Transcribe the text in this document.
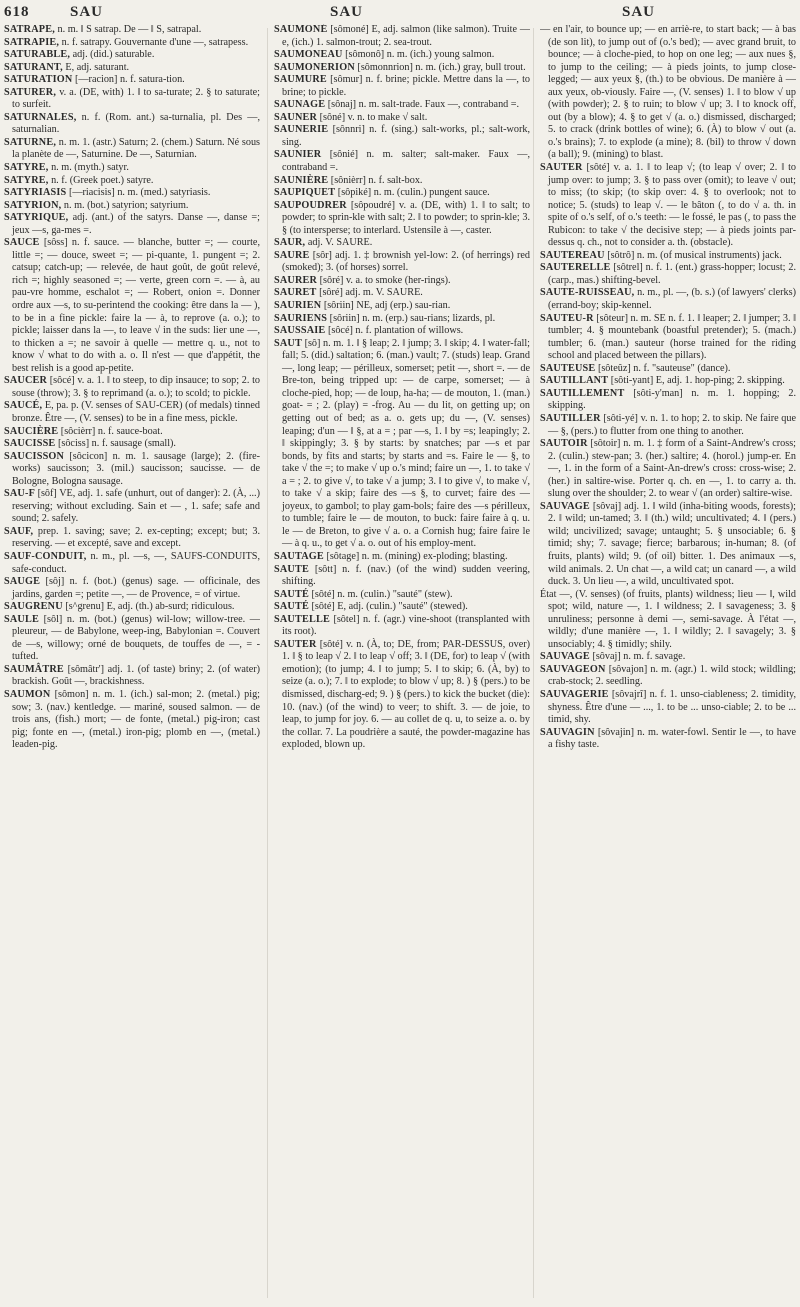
618	SAU	SAU	SAU
SATRAPE, n. m. ‖ S satrap. De — ‖ S, satrapal.
SATRAPIE, n. f. satrapy. Gouvernante d'une —, satrapess.
SATURABLE, adj. (did.) saturable.
SATURANT, E, adj. saturant.
SATURATION [—racion] n. f. satura-tion.
SATURER, v. a. (DE, with) 1. ‖ to sa-turate; 2. § to saturate; to surfeit.
SATURNALES, n. f. (Rom. ant.) sa-turnalia, pl. Des —, saturnalian.
SATURNE, n. m. 1. (astr.) Saturn; 2. (chem.) Saturn. Né sous la planète de —, Saturnine. De —, Saturnian.
SATYRE, n. m. (myth.) satyr.
SATYRE, n. f. (Greek poet.) satyre.
SATYRIASIS [—riacisis] n. m. (med.) satyriasis.
SATYRION, n. m. (bot.) satyrion; satyrium.
SATYRIQUE, adj. (ant.) of the satyrs. Danse —, danse =; jeux —s, ga-mes =.
SAUCE [sôss] n. f. sauce. — blanche, butter =; — courte, little =; — douce, sweet =; — pi-quante, 1. pungent =; 2. catsup; catch-up; — relevée, de haut goût, de goût relevé, rich =; highly seasoned =; — verte, green corn =. — à, au pau-vre homme, eschalot =; — Robert, onion =. Donner ordre aux —s, to su-perintend the cooking: être dans la — ), to be in a fine pickle: faire la — à, to reprove (a. o.); to pickle; laisser dans la —, to leave √ in the suds: lier une —, to thicken a =; ne savoir à quelle — mettre q. u., not to know √ what to do with a. o. Il n'est — que d'appétit, the best relish is a good ap-petite.
SAUCER [sôcé] v. a. 1. ‖ to steep, to dip insauce; to sop; 2. to souse (throw); 3. § to reprimand (a. o.); to scold; to pickle.
SAUCÉ, E, pa. p. (V. senses of SAU-CER) (of medals) tinned bronze. Être —, (V. senses) to be in a fine mess, pickle.
SAUCIÈRE [sôcièrr] n. f. sauce-boat.
SAUCISSE [sôciss] n. f. sausage (small).
SAUCISSON [sôcicon] n. m. 1. sausage (large); 2. (fire-works) saucisson; 3. (mil.) saucisson; saucisse. — de Bologne, Bologna sausage.
SAU-F [sôf] VE, adj. 1. safe (unhurt, out of danger): 2. (À, ...) reserving; without excluding. Sain et — , 1. safe; safe and sound; 2. safely.
SAUF, prep. 1. saving; save; 2. ex-cepting; except; but; 3. reserving. — et excepté, save and except.
SAUF-CONDUIT, n. m., pl. —s, —, SAUFS-CONDUITS, safe-conduct.
SAUGE [sôj] n. f. (bot.) (genus) sage. — officinale, des jardins, garden =; petite —, — de Provence, = of virtue.
SAUGRENU [s^grenu] E, adj. (th.) ab-surd; ridiculous.
SAULE [sôl] n. m. (bot.) (genus) wil-low; willow-tree. — pleureur, — de Babylone, weep-ing, Babylonian =. Couvert de —s, willowy; orné de bouquets, de touffes de —, = -tufted.
SAUMÂTRE [sômâtr'] adj. 1. (of taste) briny; 2. (of water) brackish. Goût —, brackishness.
SAUMON [sômon] n. m. 1. (ich.) sal-mon; 2. (metal.) pig; sow; 3. (nav.) kentledge. — mariné, soused salmon. — de trois ans, (fish.) mort; — de fonte, (metal.) pig-iron; cast pig; fonte en —, (metal.) iron-pig; plomb en —, (metal.) leaden-pig.
SAUMONÉ [sômoné] E, adj. salmon (like salmon). Truite —e, (ich.) 1. salmon-trout; 2. sea-trout.
SAUMONEAU [sômonô] n. m. (ich.) young salmon.
SAUMONERION [sômonnrion] n. m. (ich.) gray, bull trout.
SAUMURE [sômur] n. f. brine; pickle. Mettre dans la —, to brine; to pickle.
SAUNAGE [sônaj] n. m. salt-trade. Faux —, contraband =.
SAUNER [sôné] v. n. to make √ salt.
SAUNERIE [sônnri] n. f. (sing.) salt-works, pl.; salt-work, sing.
SAUNIER [sônié] n. m. salter; salt-maker. Faux —, contraband =.
SAUNIÈRE [sônièrr] n. f. salt-box.
SAUPIQUET [sôpiké] n. m. (culin.) pungent sauce.
SAUPOUDRER [sôpoudré] v. a. (DE, with) 1. ‖ to salt; to powder; to sprin-kle with salt; 2. ‖ to powder; to sprin-kle; 3. § (to intersperse; to interlard. Ustensile à —, caster.
SAUR, adj. V. SAURE.
SAURE [sôr] adj. 1. ‡ brownish yel-low: 2. (of herrings) red (smoked); 3. (of horses) sorrel.
SAURER [sôré] v. a. to smoke (her-rings).
SAURET [sôré] adj. m. V. SAURE.
SAURIEN [sôriin] NE, adj (erp.) sau-rian.
SAURIENS [sôriin] n. m. (erp.) sau-rians; lizards, pl.
SAUSSAIE [sôcé] n. f. plantation of willows.
SAUT [sô] n. m. 1. ‖ § leap; 2. ‖ jump; 3. ‖ skip; 4. ‖ water-fall; fall; 5. (did.) saltation; 6. (man.) vault; 7. (studs) leap. Grand —, long leap; — périlleux, somerset; petit —, short =. — de Bre-ton, being tripped up: — de carpe, somerset; — à cloche-pied, hop; — de loup, ha-ha; — de mouton, 1. (man.) goat- = ; 2. (play) = -frog. Au — du lit, on getting up; on getting out of bed; as a. o. gets up; du —, (V. senses) leaping; d'un — ‖ §, at a = ; par —s, 1. ‖ by =s; leapingly; 2. ‖ skippingly; 3. § by starts: by snatches; par —s et par bonds, by fits and starts; by starts and =s. Faire le — §, to take √ the =; to make √ up o.'s mind; faire un —, 1. to take √ a = ; 2. to give √, to take √ a jump; 3. ‖ to give √, to make √, to take √ a skip; faire des —s §, to curvet; faire des — joyeux, to gambol; to play gam-bols; faire des —s périlleux, to tumble; faire le — de mouton, to buck: faire faire à q. u. le — de Breton, to give √ a. o. a Cornish hug; faire faire le — à q. u., to get √ a. o. out of his employ-ment.
SAUTAGE [sôtage] n. m. (mining) ex-ploding; blasting.
SAUTE [sôtt] n. f. (nav.) (of the wind) sudden veering, shifting.
SAUTÉ [sôté] n. m. (culin.) "sauté" (stew).
SAUTÉ [sôté] E, adj. (culin.) "sauté" (stewed).
SAUTELLE [sôtel] n. f. (agr.) vine-shoot (transplanted with its root).
SAUTER [sôté] v. n. (À, to; DE, from; PAR-DESSUS, over) 1. ‖ § to leap √ 2. ‖ to leap √ off; 3. ‖ (DE, for) to leap √ (with emotion); (to jump; 4. ‖ to jump; 5. ‖ to skip; 6. (À, by) to seize (a. o.); 7. ‖ to explode; to blow √ up; 8. ) § (pers.) to be dismissed, discharg-ed; 9. ) § (pers.) to kick the bucket (die): 10. (nav.) (of the wind) to veer; to shift. 3. — de joie, to leap, to jump for joy. 6. — au collet de q. u, to seize a. o. by the collar. 7. La poudrière a sauté, the powder-magazine has exploded, blown up.
— en l'air, to bounce up; — en arriè-re, to start back; — à bas (de son lit), to jump out of (o.'s bed); — avec grand bruit, to bounce; — à cloche-pied, to hop on one leg; — aux nues §, to jump to the ceiling; — à pieds joints, to jump close-legged; — aux yeux §, (th.) to be obvious. De manière à — aux yeux, ob-viously. Faire —, (V. senses) 1. ‖ to blow √ up (with powder); 2. § to ruin; to blow √ up; 3. ‖ to knock off, out (by a blow); 4. § to get √ (a. o.) dismissed, discharged; 5. to crack (drink bottles of wine); 6. (À) to blow √ out (a. o.'s brains); 7. to explode (a mine); 8. (bil) to throw √ down (a ball); 9. (mining) to blast.
SAUTER [sôté] v. a. 1. ‖ to leap √; (to leap √ over; 2. ‖ to jump over: to jump; 3. § to pass over (omit); to leave √ out; to miss; (to skip; (to skip over: 4. § to overlook; not to notice; 5. (studs) to leap √. — le bâton (, to do √ a. th. in spite of o.'s self, of o.'s teeth: — le fossé, le pas (, to pass the Rubicon: to take √ the decisive step; — à pieds joints par-dessus q. ch., not to consider a. th. (obstacle).
SAUTEREAU [sôtrô] n. m. (of musical instruments) jack.
SAUTERELLE [sôtrel] n. f. 1. (ent.) grass-hopper; locust; 2. (carp., mas.) shifting-bevel.
SAUTE-RUISSEAU, n. m., pl. —, (b. s.) (of lawyers' clerks) (errand-boy; skip-kennel.
SAUTEU-R [sôteur] n. m. SE n. f. 1. ‖ leaper; 2. ‖ jumper; 3. ‖ tumbler; 4. § mountebank (boastful pretender); 5. (mach.) tumbler; 6. (man.) sauteur (horse trained for the riding school and placed between the pillars).
SAUTEUSE [sôteûz] n. f. "sauteuse" (dance).
SAUTILLANT [sôti-yant] E, adj. 1. hop-ping; 2. skipping.
SAUTILLEMENT [sôti-y'man] n. m. 1. hopping; 2. skipping.
SAUTILLER [sôti-yé] v. n. 1. to hop; 2. to skip. Ne faire que — §, (pers.) to flutter from one thing to another.
SAUTOIR [sôtoir] n. m. 1. ‡ form of a Saint-Andrew's cross; 2. (culin.) stew-pan; 3. (her.) saltire; 4. (horol.) jump-er. En —, 1. in the form of a Saint-An-drew's cross: cross-wise; 2. (her.) in saltire-wise. Porter q. ch. en —, 1. to carry a. th. slung over the shoulder; 2. to wear √ (an order) saltire-wise.
SAUVAGE [sôvaj] adj. 1. ‖ wild (inha-biting woods, forests); 2. ‖ wild; un-tamed; 3. ‖ (th.) wild; uncultivated; 4. ‖ (pers.) wild; uncivilized; savage; untaught; 5. § unsociable; 6. § timid; shy; 7. savage; fierce; barbarous; in-human; 8. (of fruits, plants) wild; 9. (of oil) bitter. 1. Des animaux —s, wild animals. 2. Un chat —, a wild cat; un canard —, a wild duck. 3. Un lieu —, a wild, uncultivated spot.
État —, (V. senses) (of fruits, plants) wildness; lieu — ‖, wild spot; wild, nature —, 1. ‖ wildness; 2. ‖ savageness; 3. § unruliness; personne à demi —, semi-savage. À l'état —, wildly; d'une manière —, 1. ‖ wildly; 2. ‖ savagely; 3. § unsociably; 4. § timidly; shily.
SAUVAGE [sôvaj] n. m. f. savage.
SAUVAGEON [sôvajon] n. m. (agr.) 1. wild stock; wildling; crab-stock; 2. seedling.
SAUVAGERIE [sôvajrî] n. f. 1. unso-ciableness; 2. timidity, shyness. Être d'une — ..., 1. to be ... unso-ciable; 2. to be ... timid, shy.
SAUVAGIN [sôvajin] n. m. water-fowl. Sentir le —, to have a fishy taste.
